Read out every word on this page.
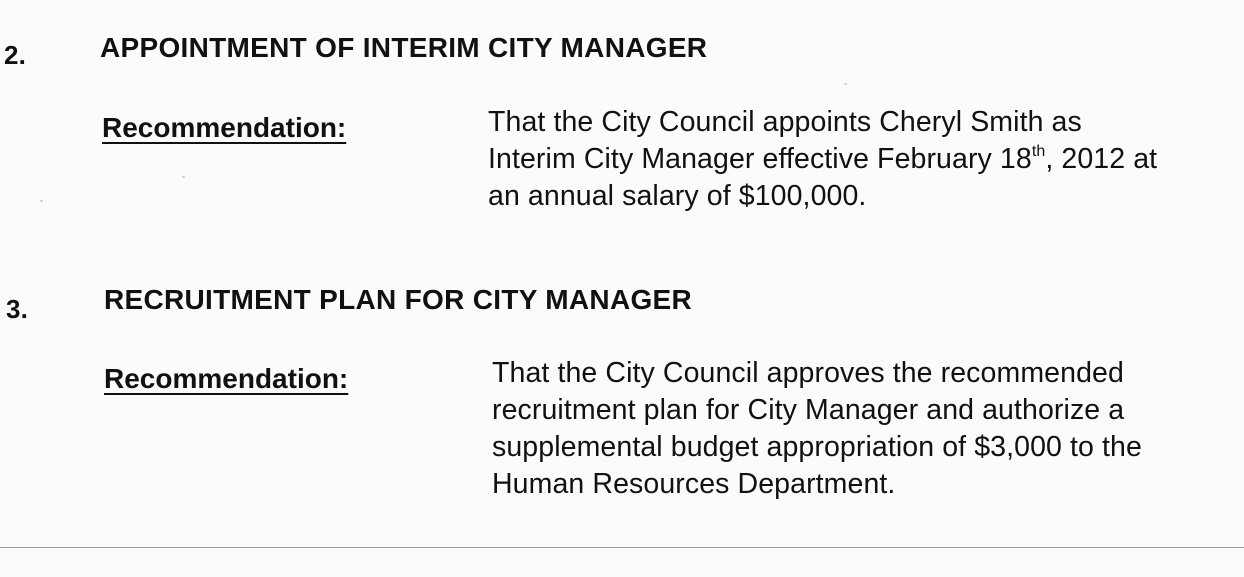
2.	APPOINTMENT OF INTERIM CITY MANAGER
Recommendation:	That the City Council appoints Cheryl Smith as
Interim City Manager effective February 18th, 2012 at
an annual salary of $100,000.
3.	RECRUITMENT PLAN FOR CITY MANAGER
Recommendation:	That the City Council approves the recommended
recruitment plan for City Manager and authorize a
supplemental budget appropriation of $3,000 to the
Human Resources Department.
